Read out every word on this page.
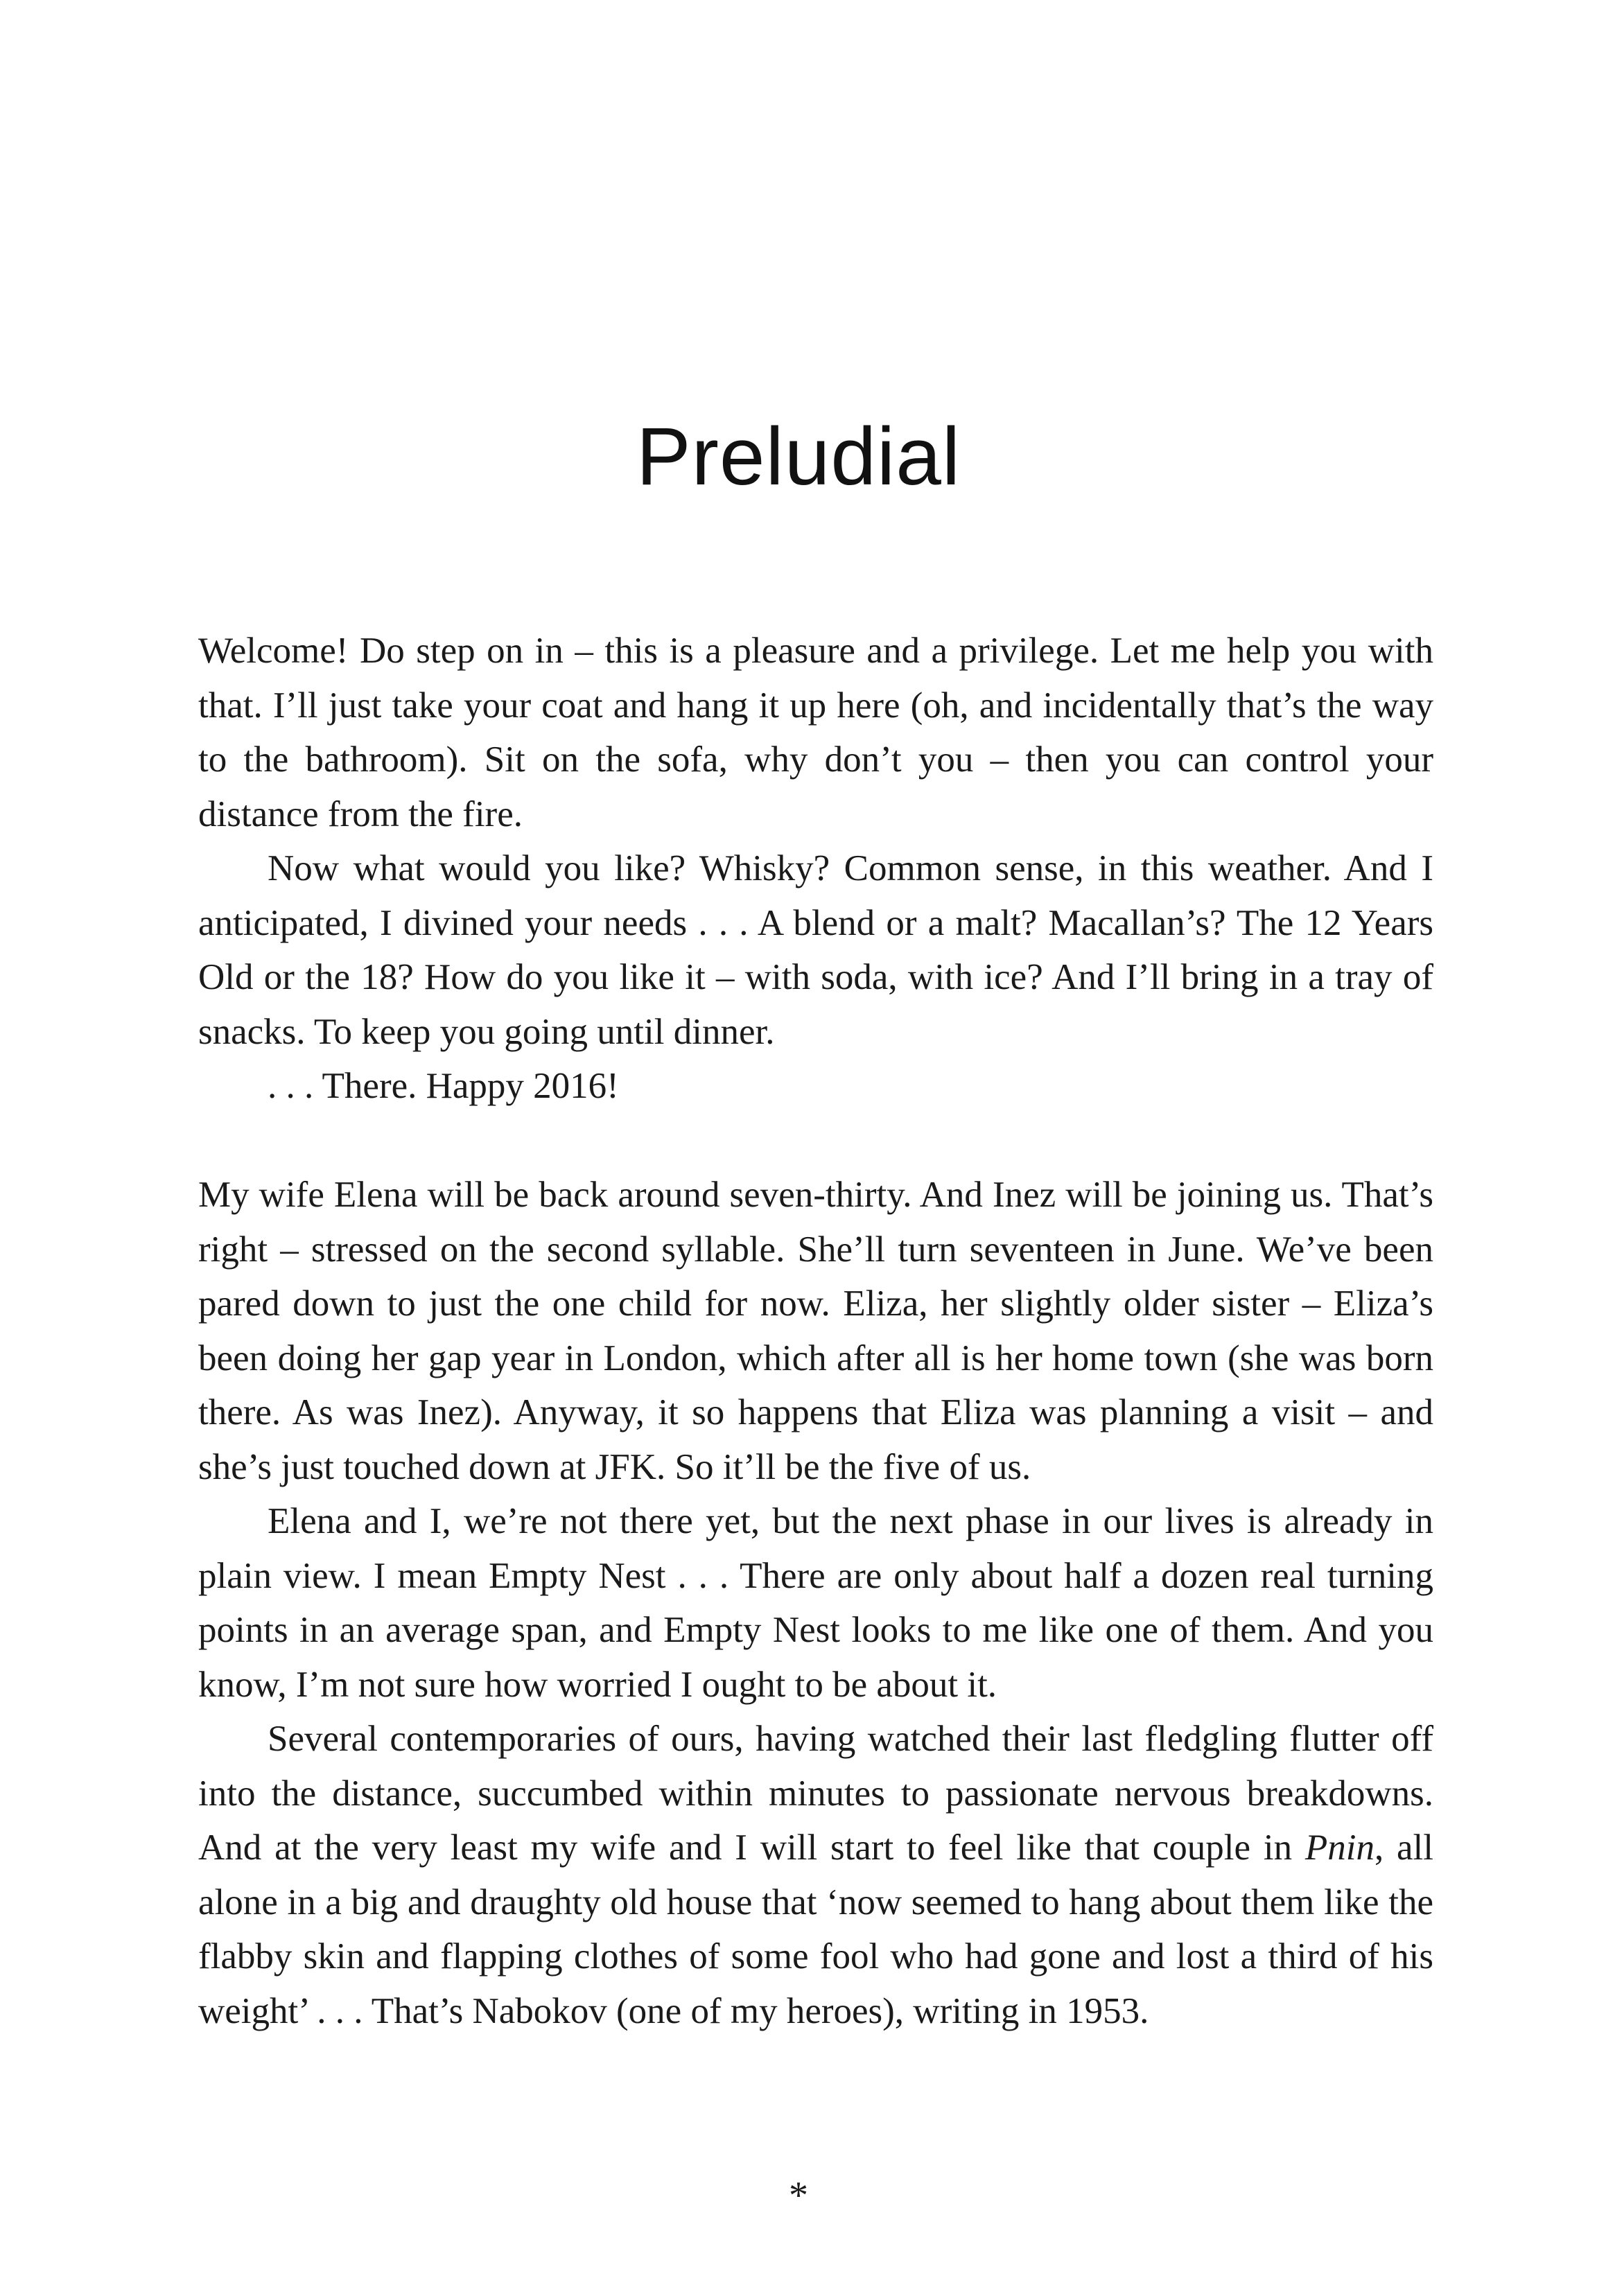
Preludial

Welcome! Do step on in – this is a pleasure and a privilege. Let me help you with that. I’ll just take your coat and hang it up here (oh, and incidentally that’s the way to the bathroom). Sit on the sofa, why don’t you – then you can control your distance from the fire.

Now what would you like? Whisky? Common sense, in this weather. And I anticipated, I divined your needs . . . A blend or a malt? Macallan’s? The 12 Years Old or the 18? How do you like it – with soda, with ice? And I’ll bring in a tray of snacks. To keep you going until dinner.

. . . There. Happy 2016!

My wife Elena will be back around seven-thirty. And Inez will be joining us. That’s right – stressed on the second syllable. She’ll turn seventeen in June. We’ve been pared down to just the one child for now. Eliza, her slightly older sister – Eliza’s been doing her gap year in London, which after all is her home town (she was born there. As was Inez). Anyway, it so happens that Eliza was planning a visit – and she’s just touched down at JFK. So it’ll be the five of us.

Elena and I, we’re not there yet, but the next phase in our lives is already in plain view. I mean Empty Nest . . . There are only about half a dozen real turning points in an average span, and Empty Nest looks to me like one of them. And you know, I’m not sure how worried I ought to be about it.

Several contemporaries of ours, having watched their last fledgling flutter off into the distance, succumbed within minutes to passionate nervous breakdowns. And at the very least my wife and I will start to feel like that couple in Pnin, all alone in a big and draughty old house that ‘now seemed to hang about them like the flabby skin and flapping clothes of some fool who had gone and lost a third of his weight’ . . . That’s Nabokov (one of my heroes), writing in 1953.

*
